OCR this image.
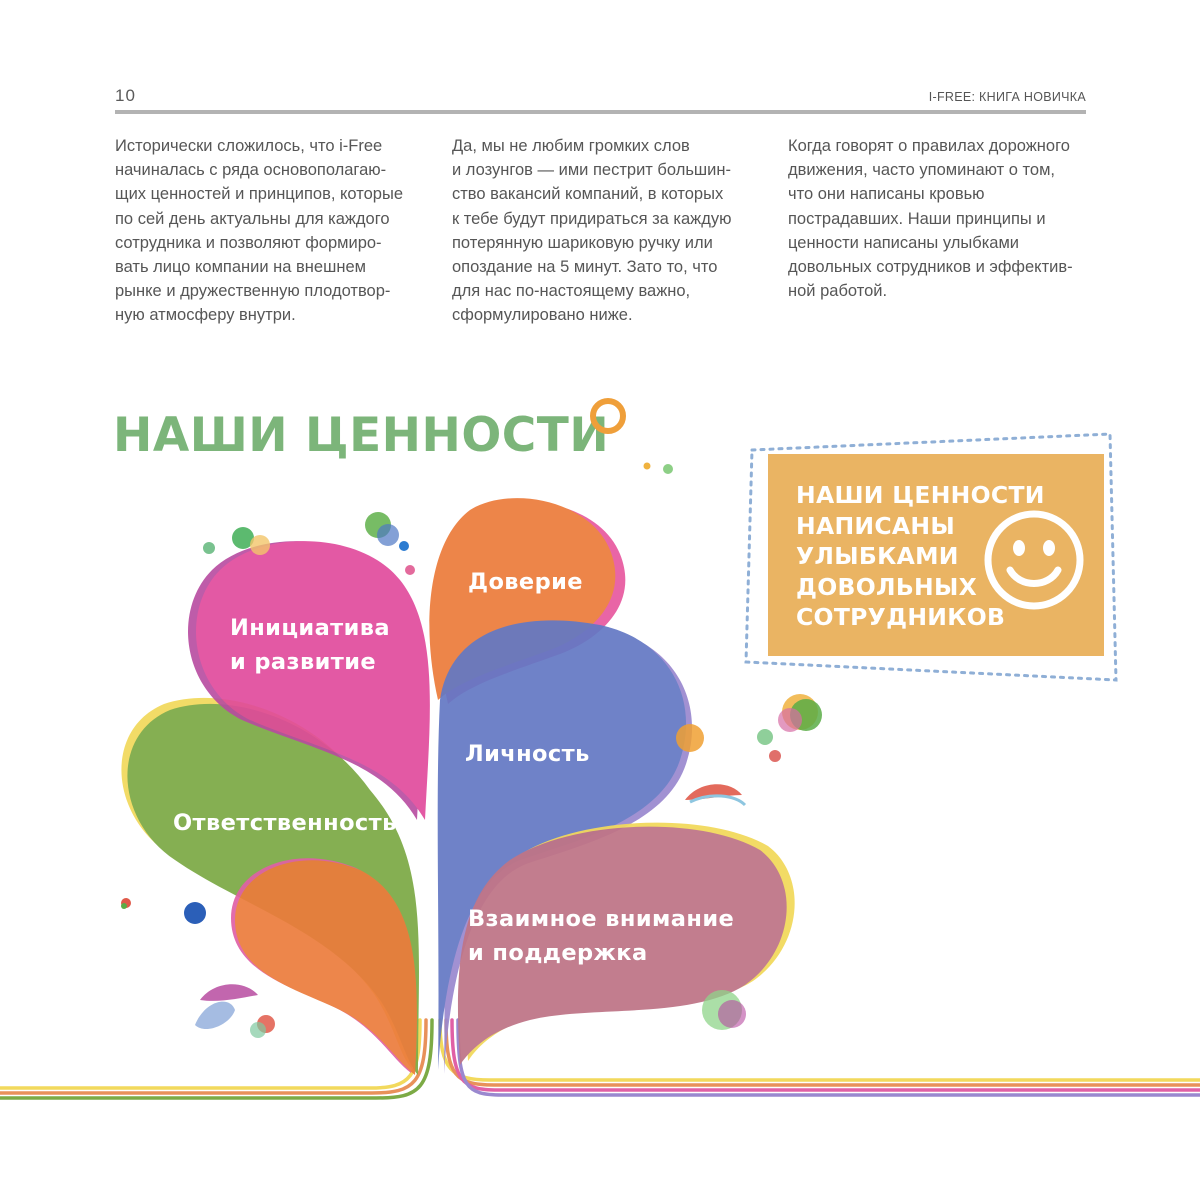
10	I-FREE: КНИГА НОВИЧКА

Исторически сложилось, что i-Free
начиналась с ряда основополагаю-
щих ценностей и принципов, которые
по сей день актуальны для каждого
сотрудника и позволяют формиро-
вать лицо компании на внешнем
рынке и дружественную плодотвор-
ную атмосферу внутри.

Да, мы не любим громких слов
и лозунгов — ими пестрит большин-
ство вакансий компаний, в которых
к тебе будут придираться за каждую
потерянную шариковую ручку или
опоздание на 5 минут. Зато то, что
для нас по-настоящему важно,
сформулировано ниже.

Когда говорят о правилах дорожного
движения, часто упоминают о том,
что они написаны кровью
пострадавших. Наши принципы и
ценности написаны улыбками
довольных сотрудников и эффектив-
ной работой.

НАШИ ЦЕННОСТИ
Инициатива
и развитие
Доверие
Личность
Ответственность
Взаимное внимание
и поддержка

НАШИ ЦЕННОСТИ
НАПИСАНЫ
УЛЫБКАМИ
ДОВОЛЬНЫХ
СОТРУДНИКОВ
